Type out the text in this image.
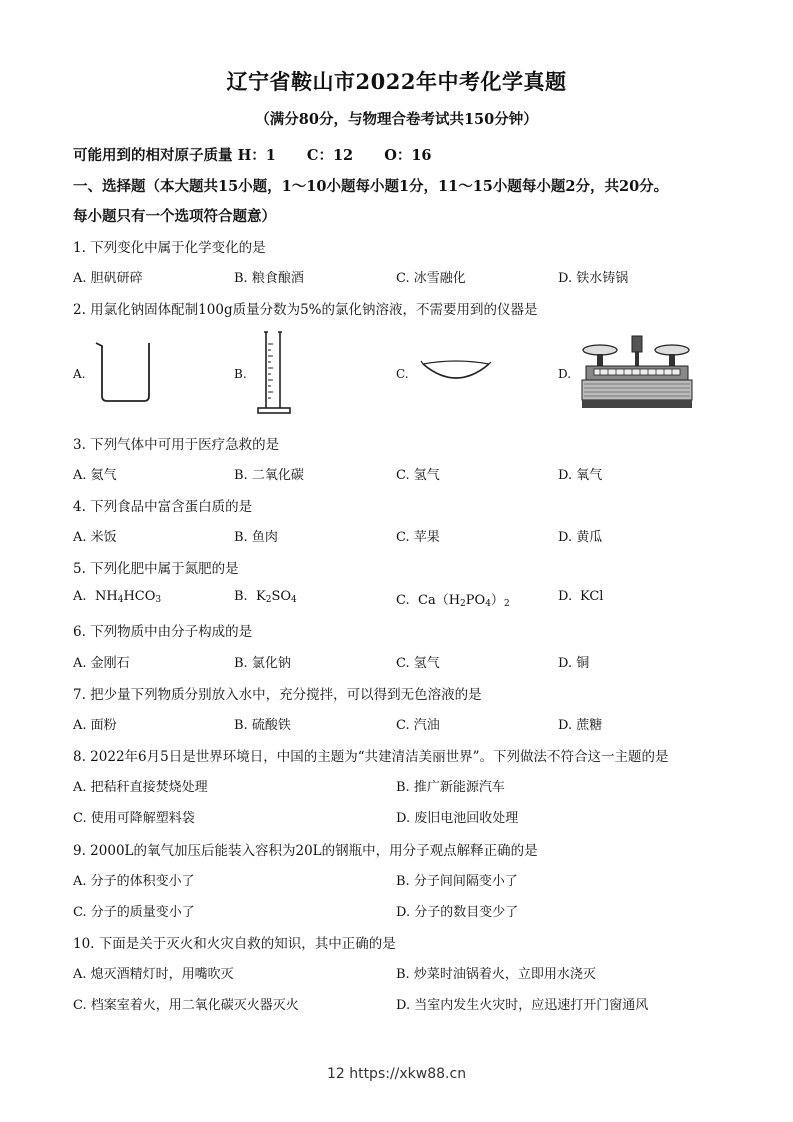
辽宁省鞍山市2022年中考化学真题
（满分80分，与物理合卷考试共150分钟）
可能用到的相对原子质量 H：1 C：12 O：16
一、选择题（本大题共15小题，1～10小题每小题1分，11～15小题每小题2分，共20分。
每小题只有一个选项符合题意）
1. 下列变化中属于化学变化的是
A. 胆矾研碎	B. 粮食酿酒	C. 冰雪融化	D. 铁水铸锅
2. 用氯化钠固体配制100g质量分数为5%的氯化钠溶液，不需要用到的仪器是
A.	B.	C.	D.
3. 下列气体中可用于医疗急救的是
A. 氦气	B. 二氧化碳	C. 氢气	D. 氧气
4. 下列食品中富含蛋白质的是
A. 米饭	B. 鱼肉	C. 苹果	D. 黄瓜
5. 下列化肥中属于氮肥的是
A. $NH_4HCO_3$	B. $K_2SO_4$	C. $Ca(H_2PO_4)_2$	D. KCl
6. 下列物质中由分子构成的是
A. 金刚石	B. 氯化钠	C. 氢气	D. 铜
7. 把少量下列物质分别放入水中，充分搅拌，可以得到无色溶液的是
A. 面粉	B. 硫酸铁	C. 汽油	D. 蔗糖
8. 2022年6月5日是世界环境日，中国的主题为“共建清洁美丽世界”。下列做法不符合这一主题的是
A. 把秸秆直接焚烧处理	B. 推广新能源汽车
C. 使用可降解塑料袋	D. 废旧电池回收处理
9. 2000L的氧气加压后能装入容积为20L的钢瓶中，用分子观点解释正确的是
A. 分子的体积变小了	B. 分子间间隔变小了
C. 分子的质量变小了	D. 分子的数目变少了
10. 下面是关于灭火和火灾自救的知识，其中正确的是
A. 熄灭酒精灯时，用嘴吹灭	B. 炒菜时油锅着火，立即用水浇灭
C. 档案室着火，用二氧化碳灭火器灭火	D. 当室内发生火灾时，应迅速打开门窗通风
12 https://xkw88.cn
